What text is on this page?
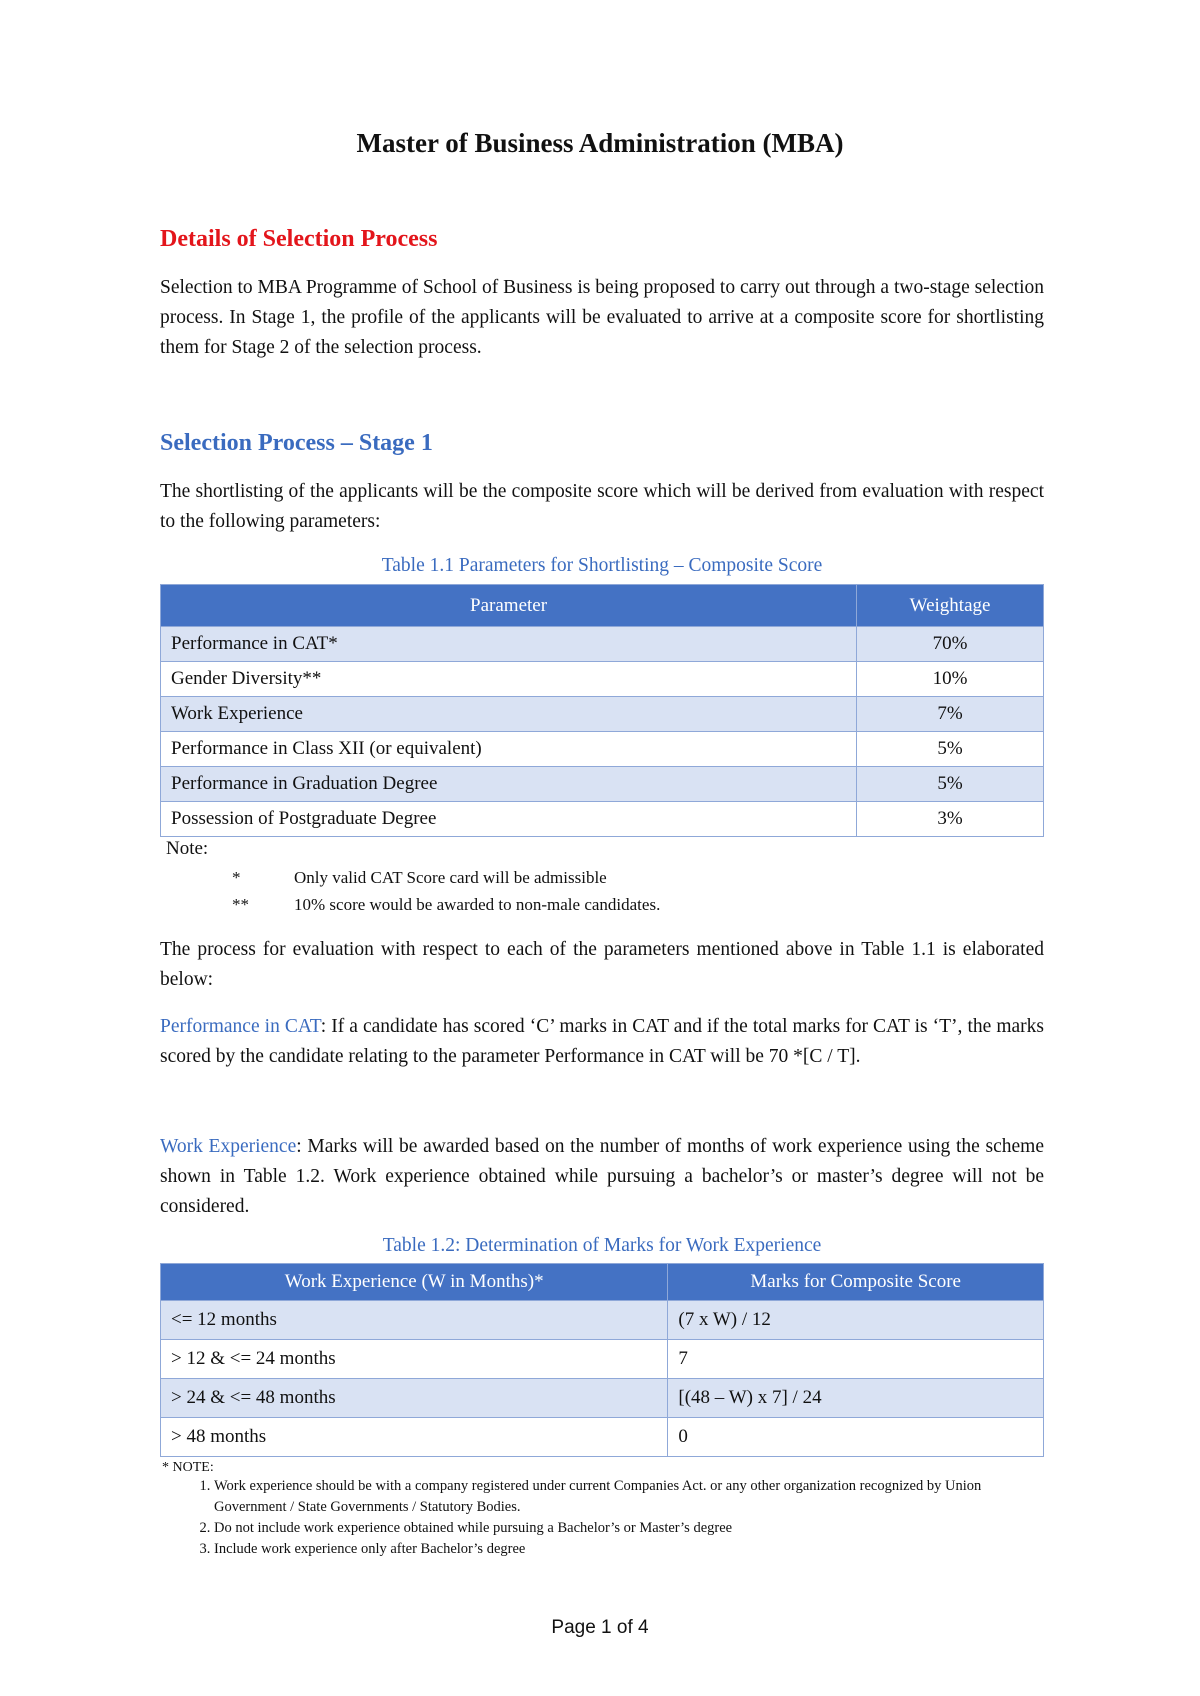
Master of Business Administration (MBA)
Details of Selection Process

Selection to MBA Programme of School of Business is being proposed to carry out through a two-stage selection process. In Stage 1, the profile of the applicants will be evaluated to arrive at a composite score for shortlisting them for Stage 2 of the selection process.

Selection Process – Stage 1

The shortlisting of the applicants will be the composite score which will be derived from evaluation with respect to the following parameters:

Table 1.1 Parameters for Shortlisting – Composite Score

Parameter	Weightage
Performance in CAT*	70%
Gender Diversity**	10%
Work Experience	7%
Performance in Class XII (or equivalent)	5%
Performance in Graduation Degree	5%
Possession of Postgraduate Degree	3%

Note:

*	Only valid CAT Score card will be admissible
**	10% score would be awarded to non-male candidates.

The process for evaluation with respect to each of the parameters mentioned above in Table 1.1 is elaborated below:

Performance in CAT: If a candidate has scored ‘C’ marks in CAT and if the total marks for CAT is ‘T’, the marks scored by the candidate relating to the parameter Performance in CAT will be 70 *[C / T].

Work Experience: Marks will be awarded based on the number of months of work experience using the scheme shown in Table 1.2. Work experience obtained while pursuing a bachelor’s or master’s degree will not be considered.

Table 1.2: Determination of Marks for Work Experience

Work Experience (W in Months)*	Marks for Composite Score
<= 12 months	(7 x W) / 12
> 12 & <= 24 months	7
> 24 & <= 48 months	[(48 – W) x 7] / 24
> 48 months	0

* NOTE:

1. Work experience should be with a company registered under current Companies Act. or any other organization recognized by Union Government / State Governments / Statutory Bodies.
2. Do not include work experience obtained while pursuing a Bachelor’s or Master’s degree
3. Include work experience only after Bachelor’s degree
Page 1 of 4
